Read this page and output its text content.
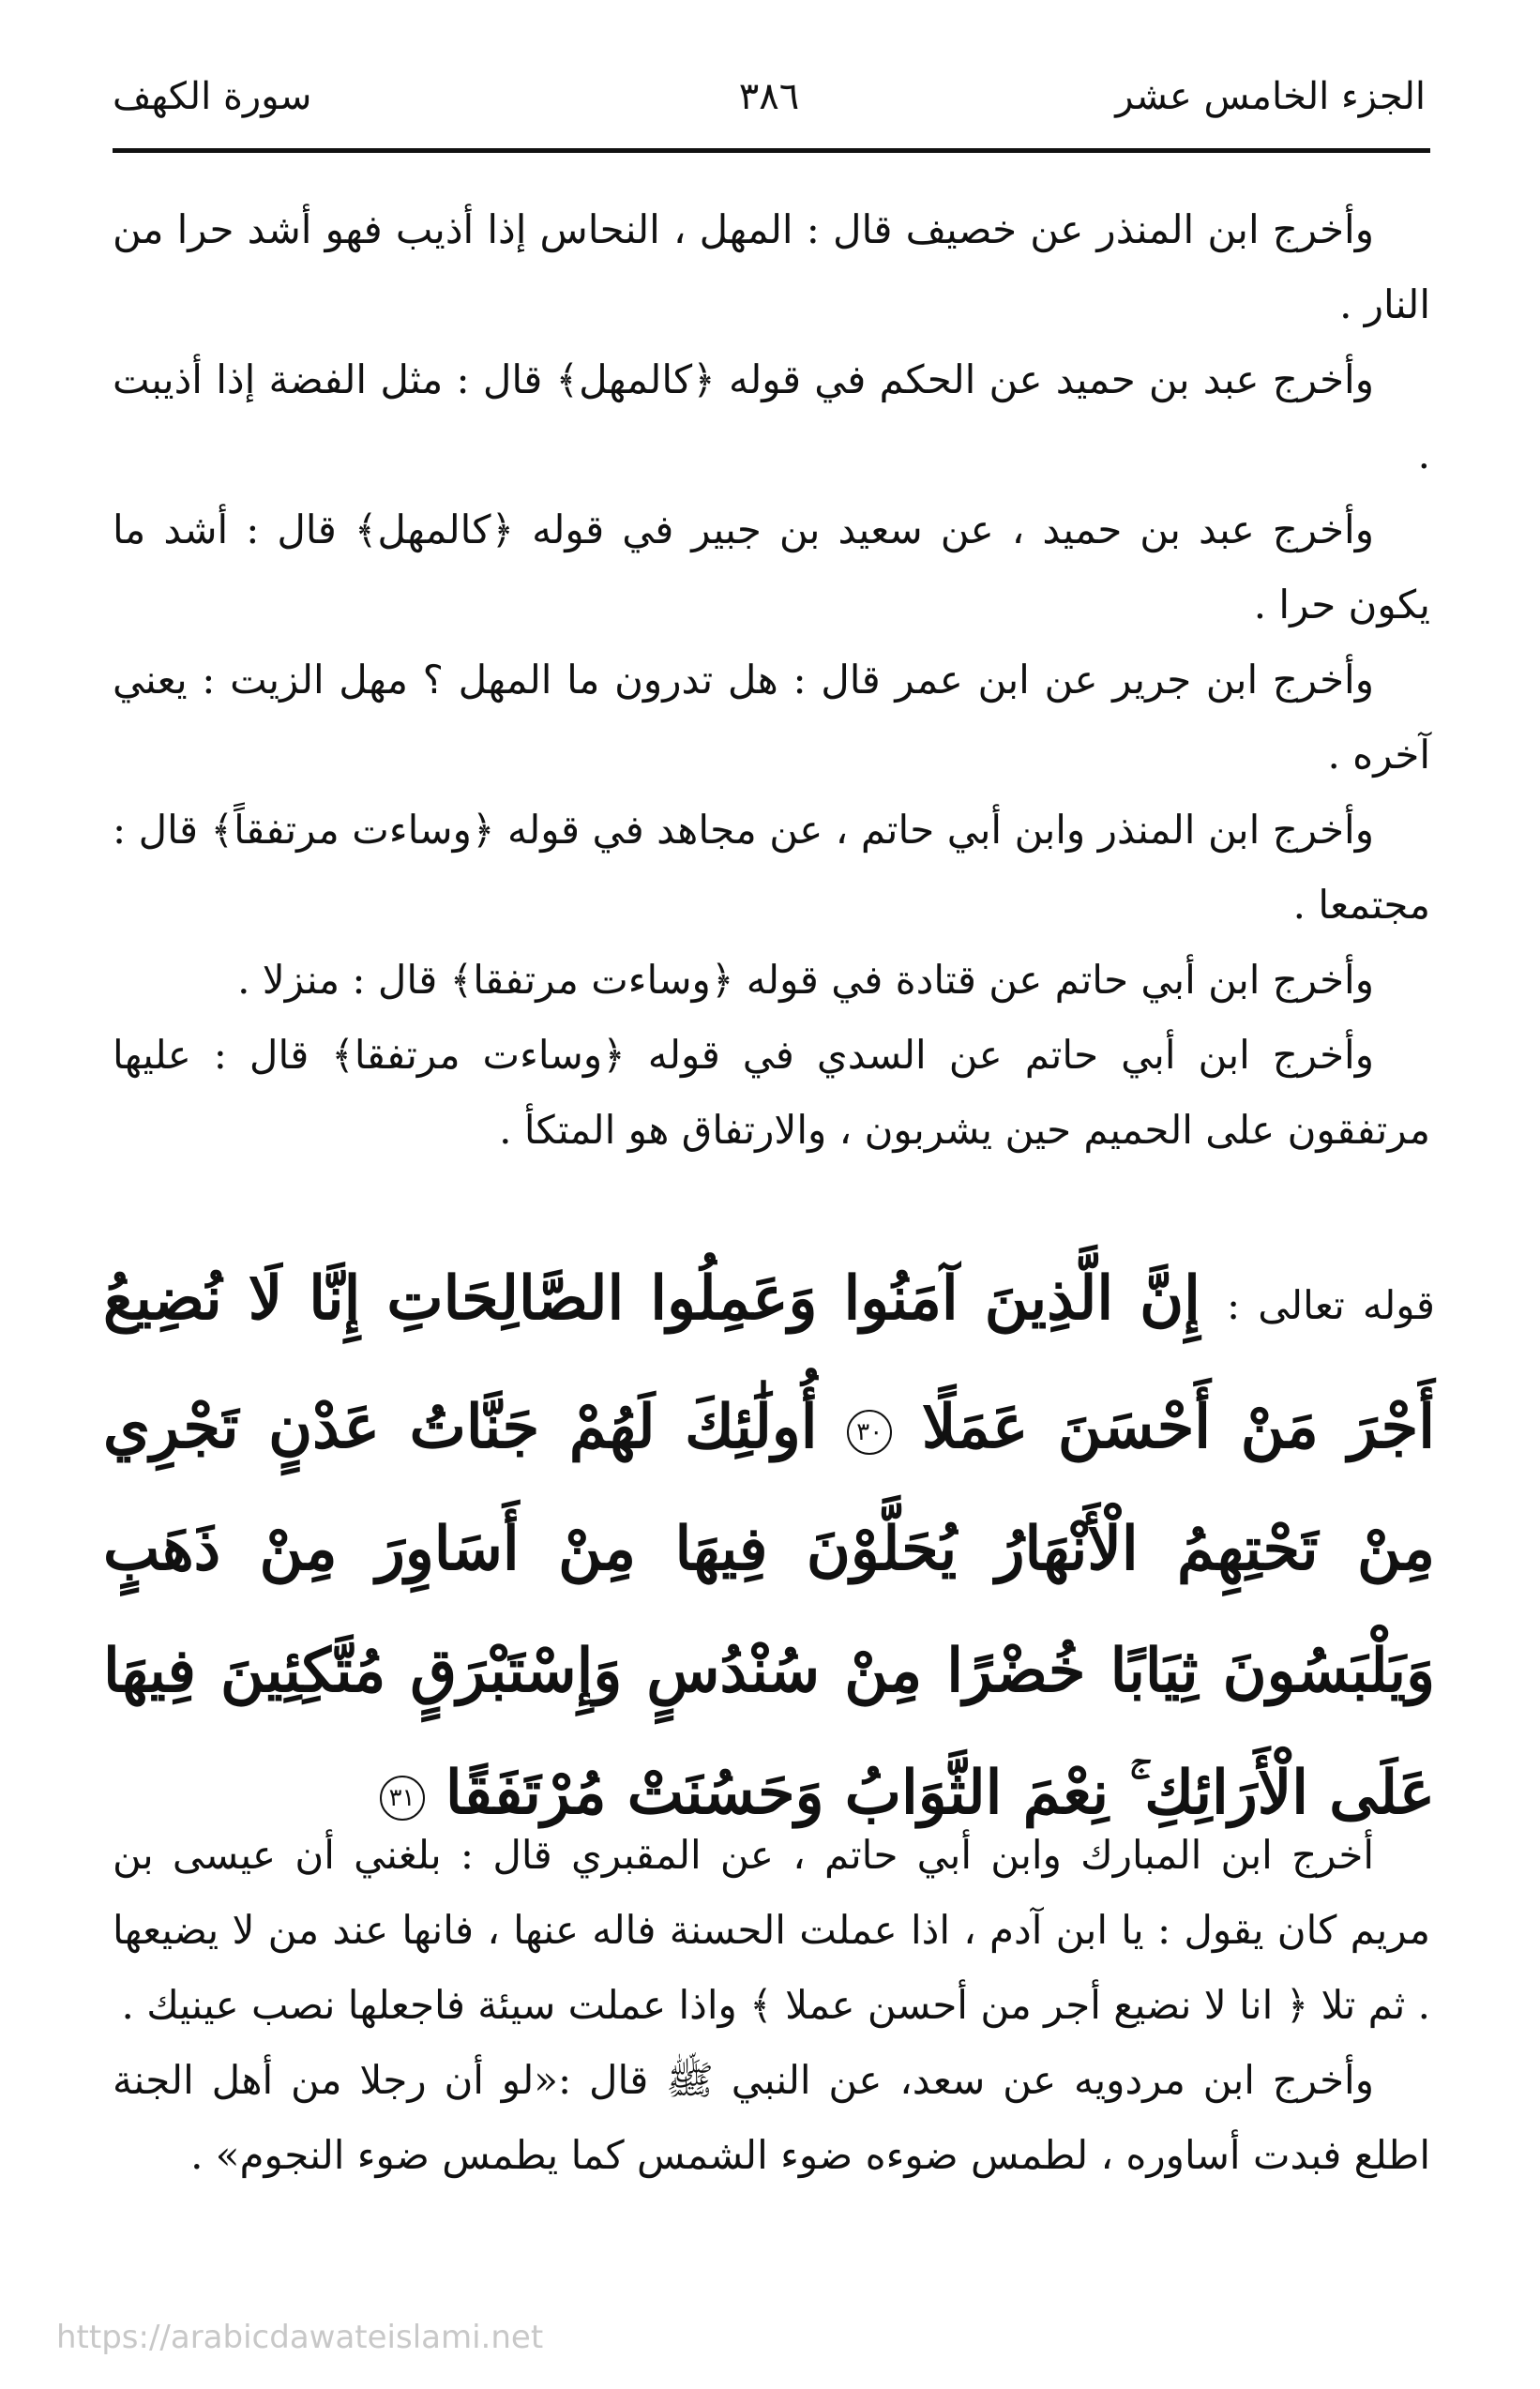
الجزء الخامس عشر
٣٨٦
سورة الكهف

وأخرج ابن المنذر عن خصيف قال : المهل ، النحاس إذا أذيب فهو أشد حرا من النار .

وأخرج عبد بن حميد عن الحكم في قوله ﴿كالمهل﴾ قال : مثل الفضة إذا أذيبت .

وأخرج عبد بن حميد ، عن سعيد بن جبير في قوله ﴿كالمهل﴾ قال : أشد ما يكون حرا .

وأخرج ابن جرير عن ابن عمر قال : هل تدرون ما المهل ؟ مهل الزيت : يعني آخره .

وأخرج ابن المنذر وابن أبي حاتم ، عن مجاهد في قوله ﴿وساءت مرتفقاً﴾ قال : مجتمعا .

وأخرج ابن أبي حاتم عن قتادة في قوله ﴿وساءت مرتفقا﴾ قال : منزلا .

وأخرج ابن أبي حاتم عن السدي في قوله ﴿وساءت مرتفقا﴾ قال : عليها مرتفقون على الحميم حين يشربون ، والارتفاق هو المتكأ .

قوله تعالى : إِنَّ الَّذِينَ آمَنُوا وَعَمِلُوا الصَّالِحَاتِ إِنَّا لَا نُضِيعُ أَجْرَ مَنْ أَحْسَنَ عَمَلًا ٣٠ أُولَٰئِكَ لَهُمْ جَنَّاتُ عَدْنٍ تَجْرِي مِنْ تَحْتِهِمُ الْأَنْهَارُ يُحَلَّوْنَ فِيهَا مِنْ أَسَاوِرَ مِنْ ذَهَبٍ وَيَلْبَسُونَ ثِيَابًا خُضْرًا مِنْ سُنْدُسٍ وَإِسْتَبْرَقٍ مُتَّكِئِينَ فِيهَا عَلَى الْأَرَائِكِ ۚ نِعْمَ الثَّوَابُ وَحَسُنَتْ مُرْتَفَقًا ٣١

أخرج ابن المبارك وابن أبي حاتم ، عن المقبري قال : بلغني أن عيسى بن مريم كان يقول : يا ابن آدم ، اذا عملت الحسنة فاله عنها ، فانها عند من لا يضيعها . ثم تلا ﴿ انا لا نضيع أجر من أحسن عملا ﴾ واذا عملت سيئة فاجعلها نصب عينيك .

وأخرج ابن مردويه عن سعد، عن النبي ﷺ قال :«لو أن رجلا من أهل الجنة اطلع فبدت أساوره ، لطمس ضوءه ضوء الشمس كما يطمس ضوء النجوم» .

https://arabicdawateislami.net
